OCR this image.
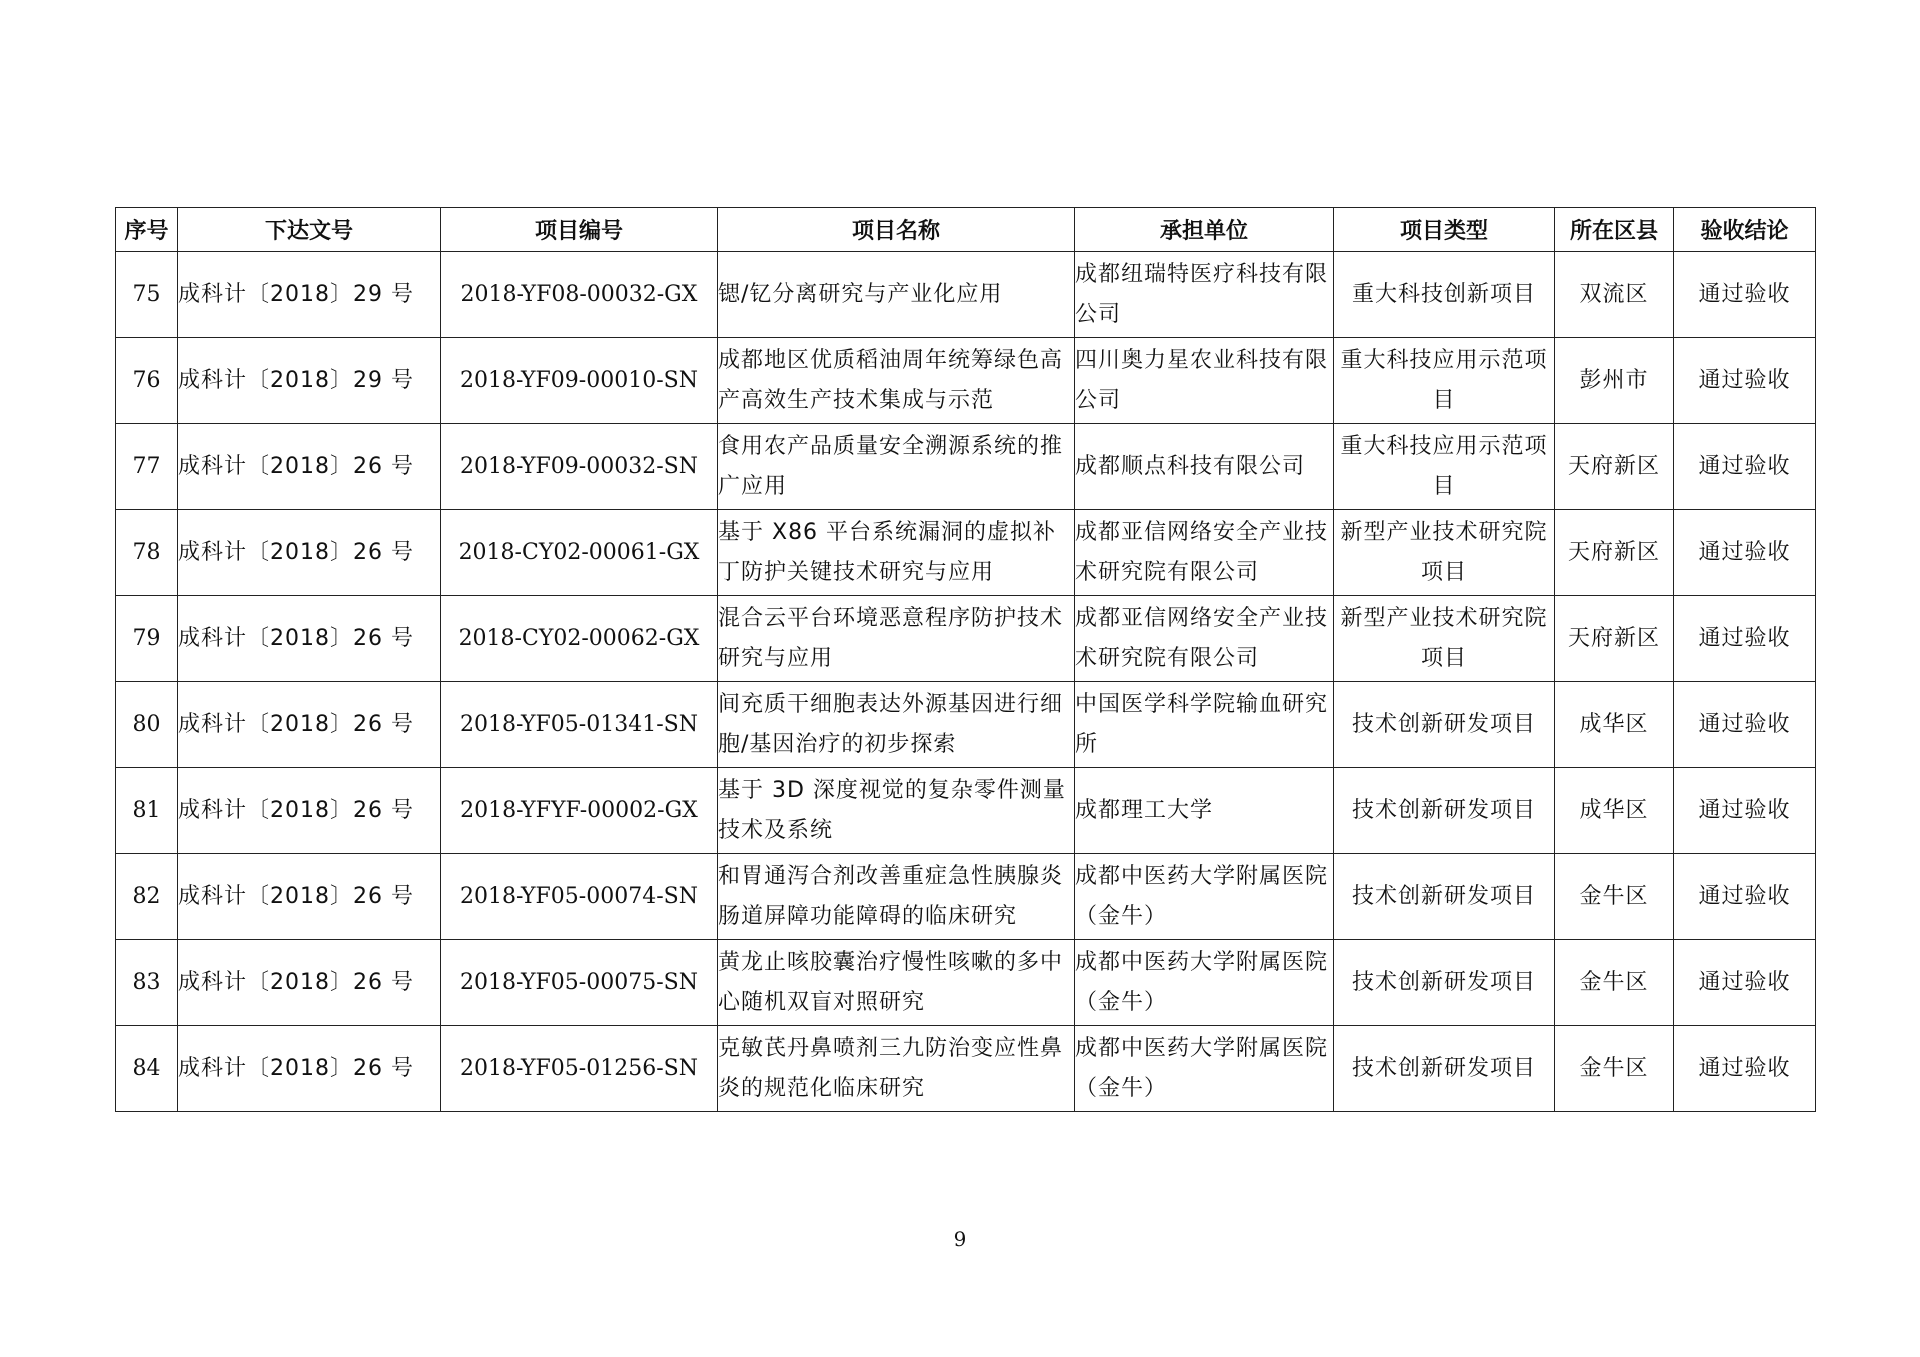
序号	下达文号	项目编号	项目名称	承担单位	项目类型	所在区县	验收结论
75	成科计〔2018〕29 号	2018-YF08-00032-GX	锶/钇分离研究与产业化应用	成都纽瑞特医疗科技有限公司	重大科技创新项目	双流区	通过验收
76	成科计〔2018〕29 号	2018-YF09-00010-SN	成都地区优质稻油周年统筹绿色高产高效生产技术集成与示范	四川奥力星农业科技有限公司	重大科技应用示范项目	彭州市	通过验收
77	成科计〔2018〕26 号	2018-YF09-00032-SN	食用农产品质量安全溯源系统的推广应用	成都顺点科技有限公司	重大科技应用示范项目	天府新区	通过验收
78	成科计〔2018〕26 号	2018-CY02-00061-GX	基于 X86 平台系统漏洞的虚拟补丁防护关键技术研究与应用	成都亚信网络安全产业技术研究院有限公司	新型产业技术研究院项目	天府新区	通过验收
79	成科计〔2018〕26 号	2018-CY02-00062-GX	混合云平台环境恶意程序防护技术研究与应用	成都亚信网络安全产业技术研究院有限公司	新型产业技术研究院项目	天府新区	通过验收
80	成科计〔2018〕26 号	2018-YF05-01341-SN	间充质干细胞表达外源基因进行细胞/基因治疗的初步探索	中国医学科学院输血研究所	技术创新研发项目	成华区	通过验收
81	成科计〔2018〕26 号	2018-YFYF-00002-GX	基于 3D 深度视觉的复杂零件测量技术及系统	成都理工大学	技术创新研发项目	成华区	通过验收
82	成科计〔2018〕26 号	2018-YF05-00074-SN	和胃通泻合剂改善重症急性胰腺炎肠道屏障功能障碍的临床研究	成都中医药大学附属医院（金牛）	技术创新研发项目	金牛区	通过验收
83	成科计〔2018〕26 号	2018-YF05-00075-SN	黄龙止咳胶囊治疗慢性咳嗽的多中心随机双盲对照研究	成都中医药大学附属医院（金牛）	技术创新研发项目	金牛区	通过验收
84	成科计〔2018〕26 号	2018-YF05-01256-SN	克敏芪丹鼻喷剂三九防治变应性鼻炎的规范化临床研究	成都中医药大学附属医院（金牛）	技术创新研发项目	金牛区	通过验收
9
